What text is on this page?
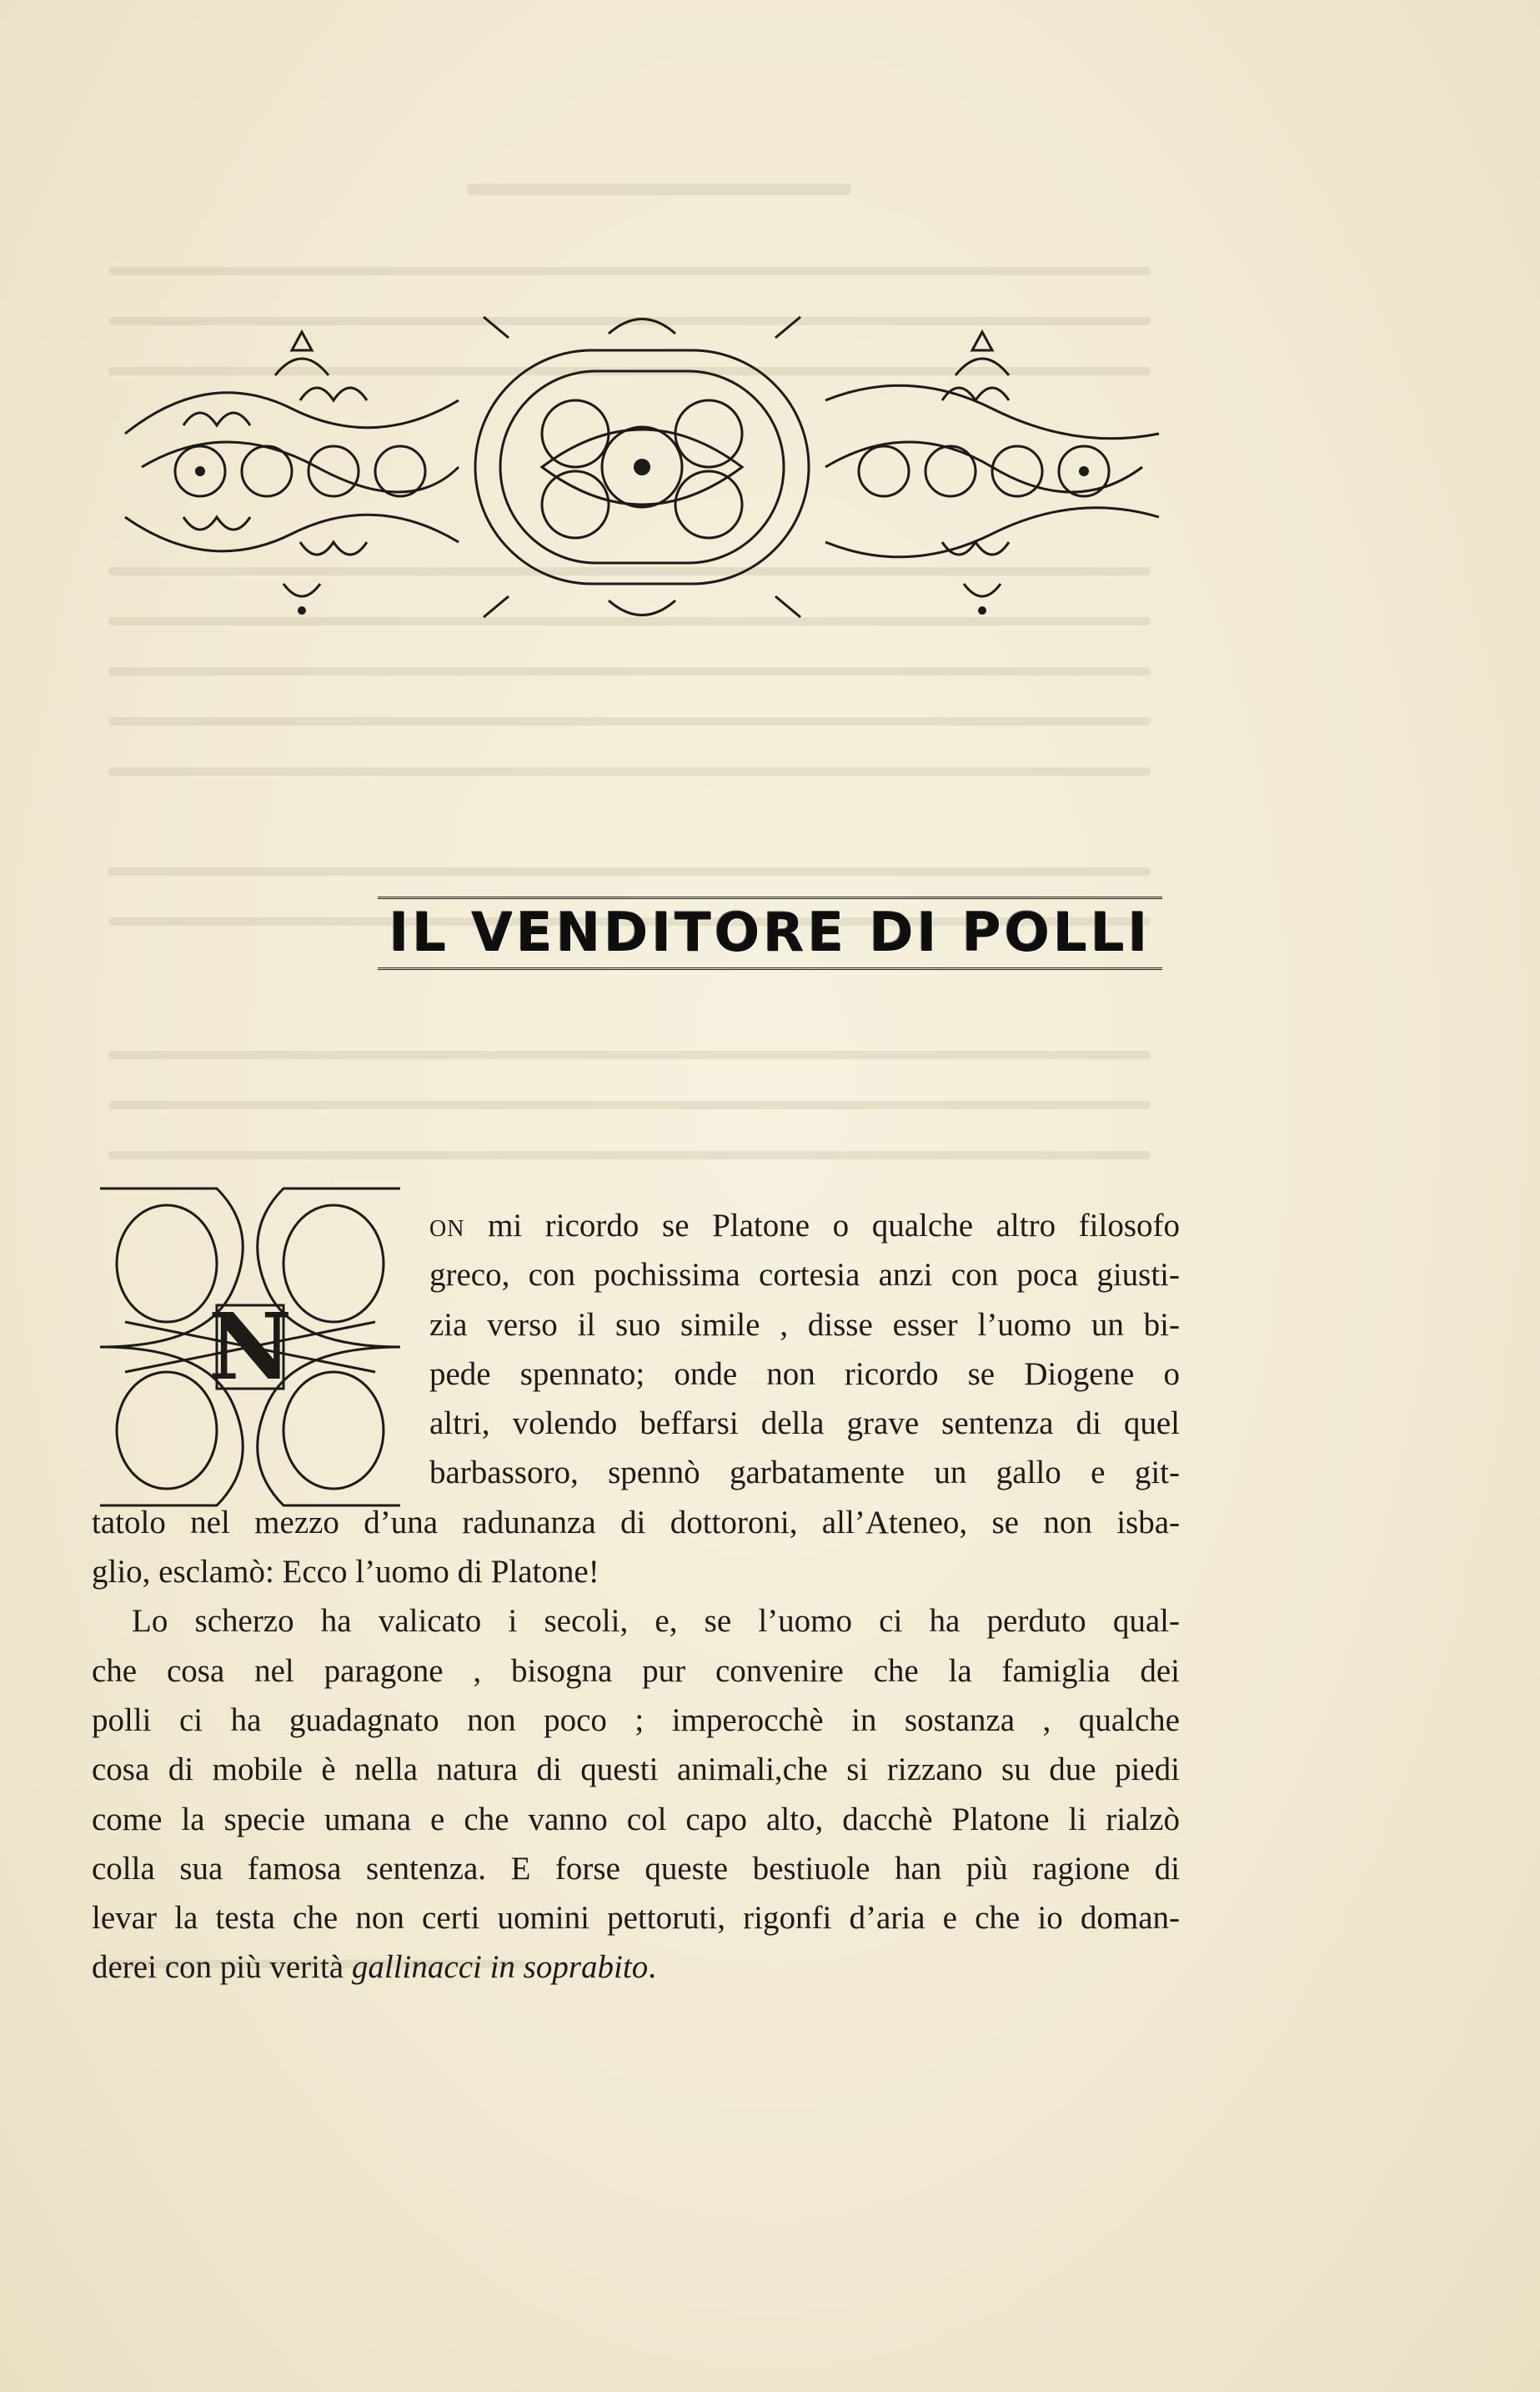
IL VENDITORE DI POLLI
N
ON mi ricordo se Platone o qualche altro filosofo
greco, con pochissima cortesia anzi con poca giusti-
zia verso il suo simile , disse esser l’uomo un bi-
pede spennato; onde non ricordo se Diogene o
altri, volendo beffarsi della grave sentenza di quel
barbassoro, spennò garbatamente un gallo e git-
tatolo nel mezzo d’una radunanza di dottoroni, all’Ateneo, se non isba-
glio, esclamò: Ecco l’uomo di Platone!
Lo scherzo ha valicato i secoli, e, se l’uomo ci ha perduto qual-
che cosa nel paragone , bisogna pur convenire che la famiglia dei
polli ci ha guadagnato non poco ; imperocchè in sostanza , qualche
cosa di mobile è nella natura di questi animali,che si rizzano su due piedi
come la specie umana e che vanno col capo alto, dacchè Platone li rialzò
colla sua famosa sentenza. E forse queste bestiuole han più ragione di
levar la testa che non certi uomini pettoruti, rigonfi d’aria e che io doman-
derei con più verità gallinacci in soprabito.
